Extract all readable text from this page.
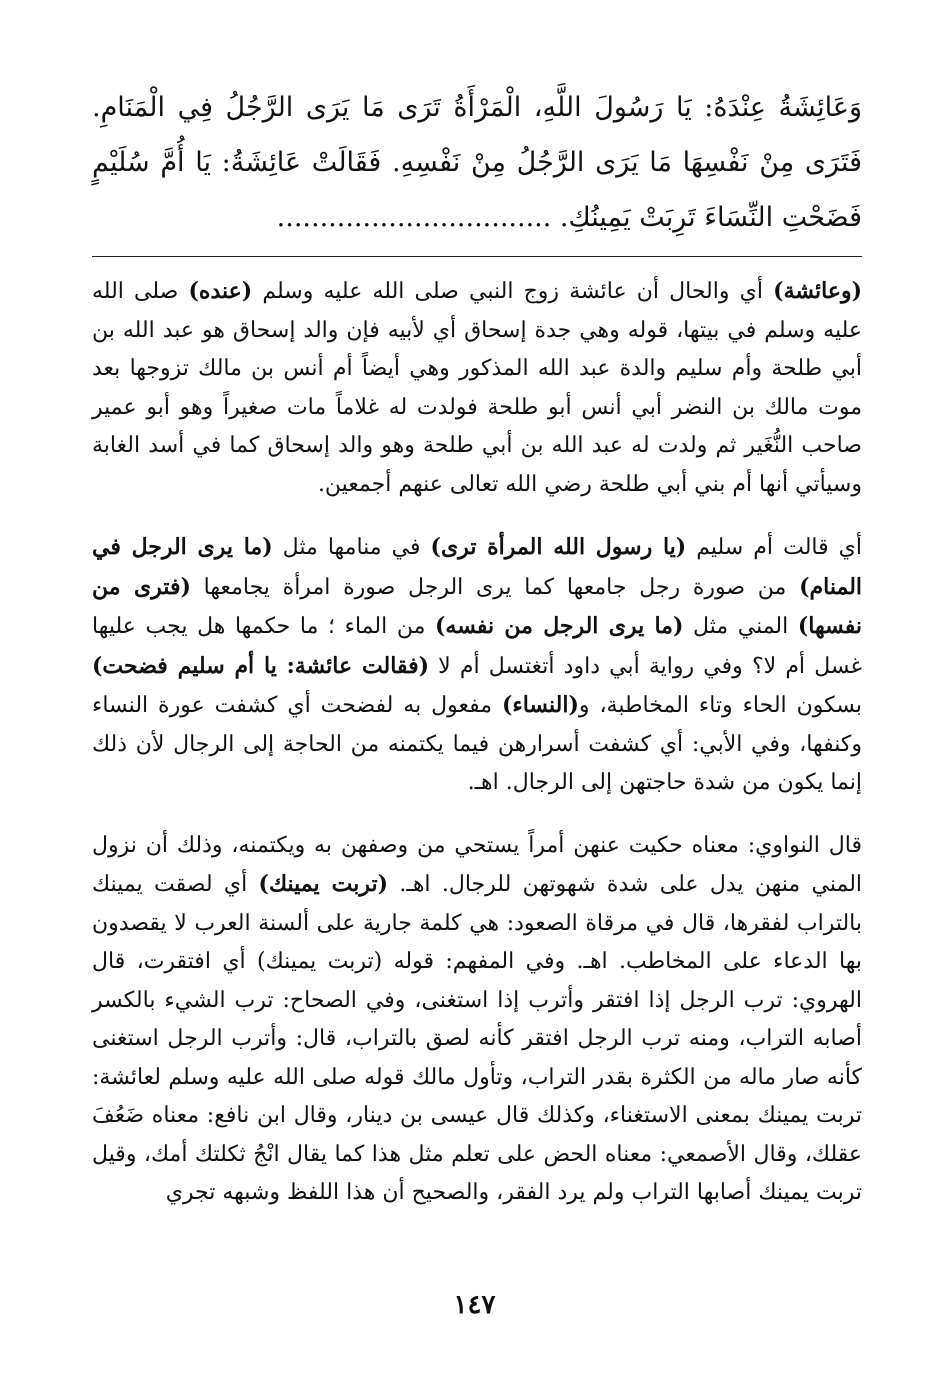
وَعَائِشَةُ عِنْدَهُ: يَا رَسُولَ اللَّهِ، الْمَرْأَةُ تَرَى مَا يَرَى الرَّجُلُ فِي الْمَنَامِ. فَتَرَى مِنْ نَفْسِهَا مَا يَرَى الرَّجُلُ مِنْ نَفْسِهِ. فَقَالَتْ عَائِشَةُ: يَا أُمَّ سُلَيْمٍ فَضَحْتِ النِّسَاءَ تَرِبَتْ يَمِينُكِ. ................................

(وعائشة) أي والحال أن عائشة زوج النبي صلى الله عليه وسلم (عنده) صلى الله عليه وسلم في بيتها، قوله وهي جدة إسحاق أي لأبيه فإن والد إسحاق هو عبد الله بن أبي طلحة وأم سليم والدة عبد الله المذكور وهي أيضاً أم أنس بن مالك تزوجها بعد موت مالك بن النضر أبي أنس أبو طلحة فولدت له غلاماً مات صغيراً وهو أبو عمير صاحب النُّغَير ثم ولدت له عبد الله بن أبي طلحة وهو والد إسحاق كما في أسد الغابة وسيأتي أنها أم بني أبي طلحة رضي الله تعالى عنهم أجمعين.

أي قالت أم سليم (يا رسول الله المرأة ترى) في منامها مثل (ما يرى الرجل في المنام) من صورة رجل جامعها كما يرى الرجل صورة امرأة يجامعها (فترى من نفسها) المني مثل (ما يرى الرجل من نفسه) من الماء ؛ ما حكمها هل يجب عليها غسل أم لا؟ وفي رواية أبي داود أتغتسل أم لا (فقالت عائشة: يا أم سليم فضحت) بسكون الحاء وتاء المخاطبة، و(النساء) مفعول به لفضحت أي كشفت عورة النساء وكنفها، وفي الأبي: أي كشفت أسرارهن فيما يكتمنه من الحاجة إلى الرجال لأن ذلك إنما يكون من شدة حاجتهن إلى الرجال. اهـ.

قال النواوي: معناه حكيت عنهن أمراً يستحي من وصفهن به ويكتمنه، وذلك أن نزول المني منهن يدل على شدة شهوتهن للرجال. اهـ. (تربت يمينك) أي لصقت يمينك بالتراب لفقرها، قال في مرقاة الصعود: هي كلمة جارية على ألسنة العرب لا يقصدون بها الدعاء على المخاطب. اهـ. وفي المفهم: قوله (تربت يمينك) أي افتقرت، قال الهروي: ترب الرجل إذا افتقر وأترب إذا استغنى، وفي الصحاح: ترب الشيء بالكسر أصابه التراب، ومنه ترب الرجل افتقر كأنه لصق بالتراب، قال: وأترب الرجل استغنى كأنه صار ماله من الكثرة بقدر التراب، وتأول مالك قوله صلى الله عليه وسلم لعائشة: تربت يمينك بمعنى الاستغناء، وكذلك قال عيسى بن دينار، وقال ابن نافع: معناه ضَعُفَ عقلك، وقال الأصمعي: معناه الحض على تعلم مثل هذا كما يقال انْجُ ثكلتك أمك، وقيل تربت يمينك أصابها التراب ولم يرد الفقر، والصحيح أن هذا اللفظ وشبهه تجري

١٤٧
